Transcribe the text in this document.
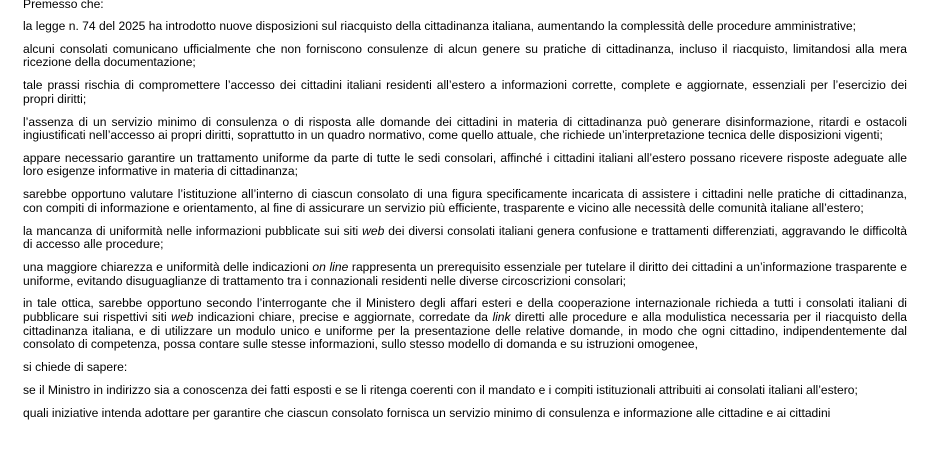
Premesso che:

la legge n. 74 del 2025 ha introdotto nuove disposizioni sul riacquisto della cittadinanza italiana, aumentando la complessità delle procedure amministrative;

alcuni consolati comunicano ufficialmente che non forniscono consulenze di alcun genere su pratiche di cittadinanza, incluso il riacquisto, limitandosi alla mera ricezione della documentazione;

tale prassi rischia di compromettere l’accesso dei cittadini italiani residenti all’estero a informazioni corrette, complete e aggiornate, essenziali per l’esercizio dei propri diritti;

l’assenza di un servizio minimo di consulenza o di risposta alle domande dei cittadini in materia di cittadinanza può generare disinformazione, ritardi e ostacoli ingiustificati nell’accesso ai propri diritti, soprattutto in un quadro normativo, come quello attuale, che richiede un’interpretazione tecnica delle disposizioni vigenti;

appare necessario garantire un trattamento uniforme da parte di tutte le sedi consolari, affinché i cittadini italiani all’estero possano ricevere risposte adeguate alle loro esigenze informative in materia di cittadinanza;

sarebbe opportuno valutare l’istituzione all’interno di ciascun consolato di una figura specificamente incaricata di assistere i cittadini nelle pratiche di cittadinanza, con compiti di informazione e orientamento, al fine di assicurare un servizio più efficiente, trasparente e vicino alle necessità delle comunità italiane all’estero;

la mancanza di uniformità nelle informazioni pubblicate sui siti web dei diversi consolati italiani genera confusione e trattamenti differenziati, aggravando le difficoltà di accesso alle procedure;

una maggiore chiarezza e uniformità delle indicazioni on line rappresenta un prerequisito essenziale per tutelare il diritto dei cittadini a un’informazione trasparente e uniforme, evitando disuguaglianze di trattamento tra i connazionali residenti nelle diverse circoscrizioni consolari;

in tale ottica, sarebbe opportuno secondo l’interrogante che il Ministero degli affari esteri e della cooperazione internazionale richieda a tutti i consolati italiani di pubblicare sui rispettivi siti web indicazioni chiare, precise e aggiornate, corredate da link diretti alle procedure e alla modulistica necessaria per il riacquisto della cittadinanza italiana, e di utilizzare un modulo unico e uniforme per la presentazione delle relative domande, in modo che ogni cittadino, indipendentemente dal consolato di competenza, possa contare sulle stesse informazioni, sullo stesso modello di domanda e su istruzioni omogenee,

si chiede di sapere:

se il Ministro in indirizzo sia a conoscenza dei fatti esposti e se li ritenga coerenti con il mandato e i compiti istituzionali attribuiti ai consolati italiani all’estero;

quali iniziative intenda adottare per garantire che ciascun consolato fornisca un servizio minimo di consulenza e informazione alle cittadine e ai cittadini
